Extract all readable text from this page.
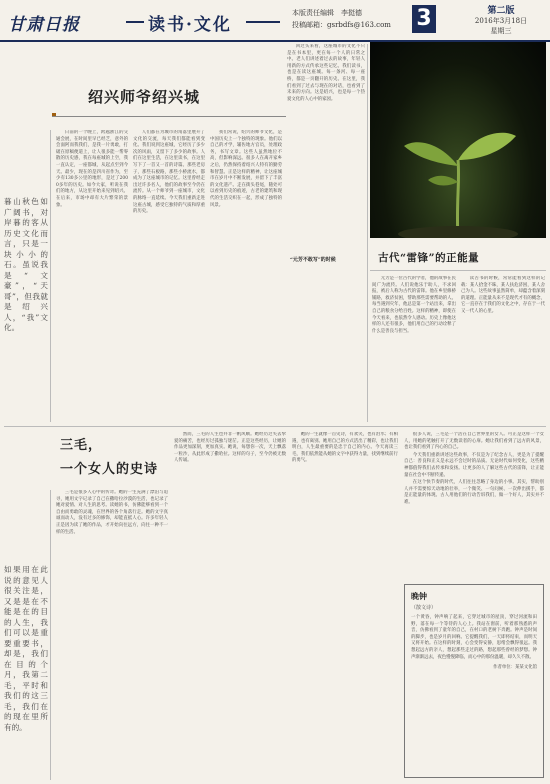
甘肃日报	读书·文化
本版责任编辑　李挺德
投稿邮箱：gsrbdfs@163.com	3	第二版
2016年3月18日
星期三
绍兴师爷绍兴城
暮山秋色如广阔书，对岸暮的客从历史文化而言，只是一块小小的石。虽说我是“文豪”，“天哥”，但我就是绍兴人，“我”文化。

日前的一个晚上，跨越浙江的交通会展，在时间里早已经乏，意外的会面阿而我我们，是我一片勇敢，打破在原稿便道上，让人很多能一帮零散的历史感，我在每座城的上空，我一直认定，一座都城，从起点至到今天。最少，现在的是四川省作为，至少有130多公里的地形，是过了2000多年的历史。如今大家，听说在我们的地方，从这里开始来见到绍兴。在后来，市场中却有大片繁荣的景象。

人们都在为城市的角落里展开了文化的交流，每天我们都能看到变化。我们说到这座城，它经历了多少次的风雨，又留下了多少的故事。人们在这里生活，在这里读书，在这里写下了一首又一首的诗篇。那些老房子，那些石板路，那些小桥流水，都成为了这座城市的记忆。这里曾经走出过许多名人，他们的故事至今仍在流传。从一个师爷到一座城市，文化的脉络一直延续。今天我们重新走进这座古城，感受它独特的气质和厚重的历史。

我们常说，绍兴的师爷文化，是中国历史上一个独特的现象。他们以自己的才学，辅佐地方官员，处理政务，书写文章。这些人虽然地位不高，但影响深远。很多人在离开家乡之后，仍然保持着绍兴人特有的勤劳和智慧。正是这样的精神，让这座城市在岁月中不断发展，并留下了丰富的文化遗产。走在街头巷尾，随处可以看到历史的痕迹，古老的建筑和现代的生活交织在一起，形成了独特的风景。

回过头来看，这座城市的文化不只是在书本里，更在每一个人的日常之中。老人们讲述着过去的故事，年轻人用新的方式传承这些记忆。我们读书，也是在读这座城。每一条河、每一座桥，都是一页翻开的历史。在这里，我们看到了过去与现在的对话，也看到了未来的方向。这是绍兴，也是每一个热爱文化的人心中的家园。

古代“雷锋”的正能量
“元芳不敢写”的时候

元芳是一位古代的学者，他的故事在民间广为流传。人们说他乐于助人，不求回报，被后人称为古代的雷锋。他在乡里修桥铺路，救济贫困，帮助那些需要帮助的人。每当遇到灾年，他总是第一个站出来，拿出自己的粮食分给百姓。这样的精神，即使在今天看来，也依然令人感动。历史上像他这样的人还有很多，他们用自己的行动诠释了什么是善良与担当。

读古书的时候，常常能看到这样的记载：某人拾金不昧，某人扶危济困，某人舍己为人。这些故事虽然简单，却蕴含着深刻的道理。正能量从来不是现代才有的概念，它一直存在于我们的文化之中，存在于一代又一代人的心里。

三毛，
一个女人的史诗
如果用在此说的意见人很关注是，又是是在不能是在的目的人生，我们可以是重要重要书，却是，我们在目的个月，我第二毛，平时和我们的这三毛，我们在的现在里所有的。

三毛是很多人心中的传奇。她的一生充满了漂泊与追寻，她用文字记录了自己在撒哈拉沙漠的生活，也记录了她对爱情、对人生的思考。读她的书，仿佛能够看到一个自由而勇敢的灵魂，在世界的各个角落行走。她的文字真诚而动人，没有过多的修饰，却能直抵人心。许多年轻人正是因为读了她的作品，才开始向往远方，向往一种不一样的生活。

然而，三毛的人生也并非一帆风顺。她经历过失去挚爱的痛苦，也经历过孤独与迷茫。正是这些经历，让她的作品更加深刻，更加真实。她说，每想你一次，天上飘落一粒沙，从此形成了撒哈拉。这样的句子，至今仍被无数人传诵。

她的一生就像一首史诗，有欢笑，也有泪水；有相遇，也有离别。她用自己的方式活出了精彩，也让我们明白，人生最重要的是忠于自己的内心。今天再读三毛，我们依然能从她的文字中获得力量，找到继续前行的勇气。

很多人说，三毛是一个活在自己世界里的女人。可正是这样一个女人，用她的笔触打开了无数读者的心扉。她让我们看到了远方的风景，也让我们看到了内心的自己。

今天我们重新讲述这些故事，不仅是为了纪念古人，更是为了提醒自己：善良和正义是永远不会过时的品质。无论时代如何变化，这些精神都值得我们去传承和发扬。让更多的人了解这些古代的雷锋，让正能量在社会中不断传递。

在这个快节奏的时代，人们往往忽略了身边的小事。其实，帮助别人并不需要惊天动地的壮举，一个微笑、一句问候、一次伸出援手，都是正能量的体现。古人用他们的行动告诉我们，做一个好人，其实并不难。

晚钟
（散文诗）
一个黄昏，钟声响了起来，它穿过城市的屋顶，穿过河流和田野，落在每一个等待的人心上。我站在窗前，听着那熟悉的声音，仿佛看到了童年的自己，在村口的老树下奔跑。钟声是时间的脚步，也是岁月的回响。它提醒我们，一天即将结束，而明天又将开始。在这样的时刻，心会变得安静，思绪会飘得很远。我想起远方的亲人，想起那些走过的路，想起那些曾经的梦想。钟声渐渐远去，夜色慢慢降临，而心中的那份温暖，却久久不散。
作者单位：某某文化馆
